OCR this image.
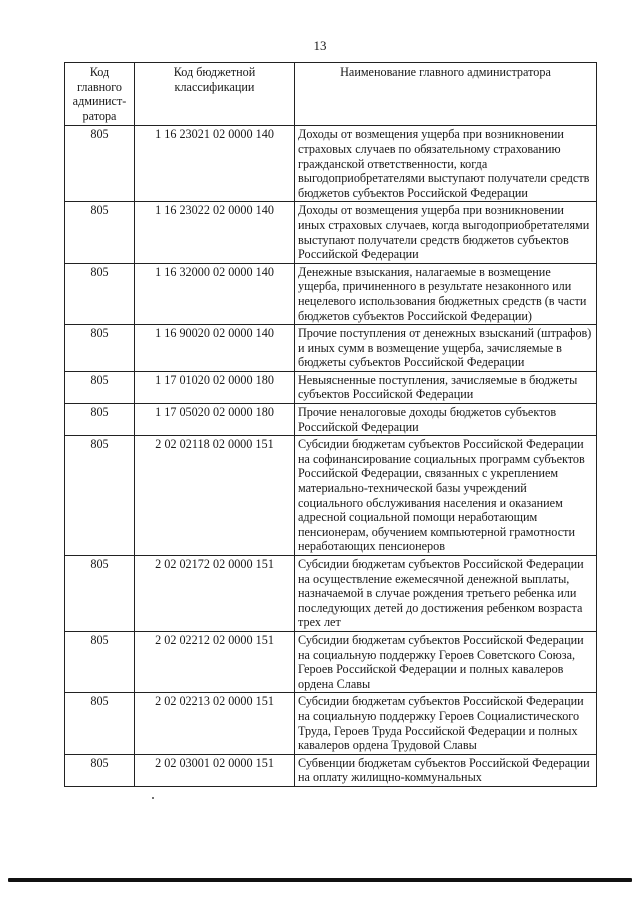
13
Код главного админист-ратора	Код бюджетной классификации	Наименование главного администратора
805	1 16 23021 02 0000 140	Доходы от возмещения ущерба при возникновении страховых случаев по обязательному страхованию гражданской ответственности, когда выгодоприобретателями выступают получатели средств бюджетов субъектов Российской Федерации
805	1 16 23022 02 0000 140	Доходы от возмещения ущерба при возникновении иных страховых случаев, когда выгодоприобретателями выступают получатели средств бюджетов субъектов Российской Федерации
805	1 16 32000 02 0000 140	Денежные взыскания, налагаемые в возмещение ущерба, причиненного в результате незаконного или нецелевого использования бюджетных средств (в части бюджетов субъектов Российской Федерации)
805	1 16 90020 02 0000 140	Прочие поступления от денежных взысканий (штрафов) и иных сумм в возмещение ущерба, зачисляемые в бюджеты субъектов Российской Федерации
805	1 17 01020 02 0000 180	Невыясненные поступления, зачисляемые в бюджеты субъектов Российской Федерации
805	1 17 05020 02 0000 180	Прочие неналоговые доходы бюджетов субъектов Российской Федерации
805	2 02 02118 02 0000 151	Субсидии бюджетам субъектов Российской Федерации на софинансирование социальных программ субъектов Российской Федерации, связанных с укреплением материально-технической базы учреждений социального обслуживания населения и оказанием адресной социальной помощи неработающим пенсионерам, обучением компьютерной грамотности неработающих пенсионеров
805	2 02 02172 02 0000 151	Субсидии бюджетам субъектов Российской Федерации на осуществление ежемесячной денежной выплаты, назначаемой в случае рождения третьего ребенка или последующих детей до достижения ребенком возраста трех лет
805	2 02 02212 02 0000 151	Субсидии бюджетам субъектов Российской Федерации на социальную поддержку Героев Советского Союза, Героев Российской Федерации и полных кавалеров ордена Славы
805	2 02 02213 02 0000 151	Субсидии бюджетам субъектов Российской Федерации на социальную поддержку Героев Социалистического Труда, Героев Труда Российской Федерации и полных кавалеров ордена Трудовой Славы
805	2 02 03001 02 0000 151	Субвенции бюджетам субъектов Российской Федерации на оплату жилищно-коммунальных
